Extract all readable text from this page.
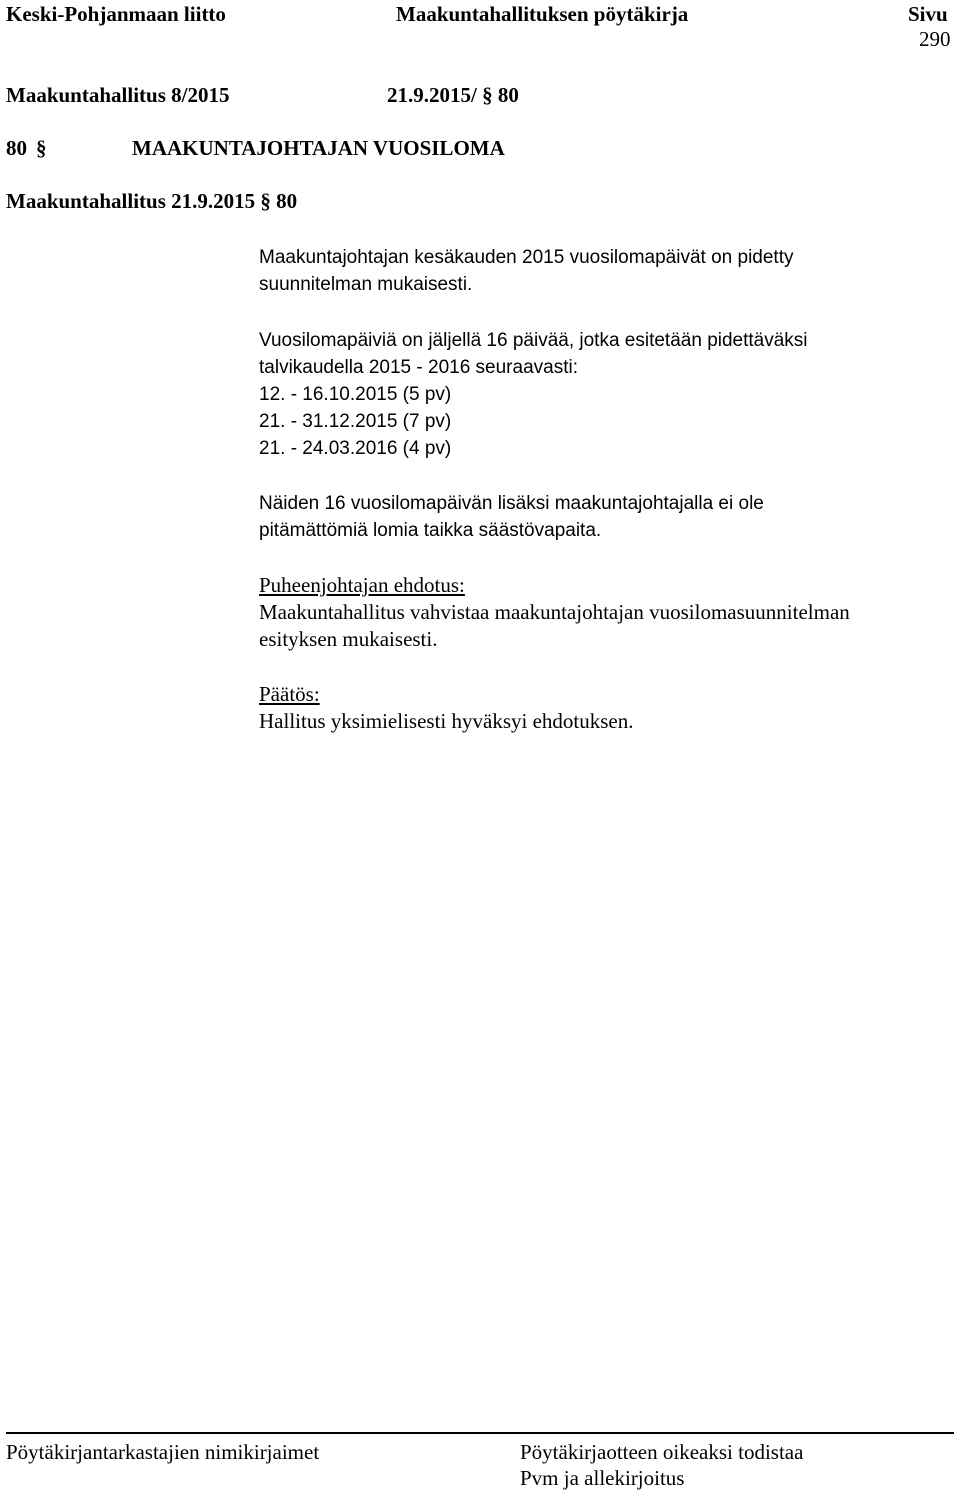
Keski-Pohjanmaan liitto	Maakuntahallituksen pöytäkirja	Sivu
290
Maakuntahallitus 8/2015	21.9.2015/ § 80
80 §	MAAKUNTAJOHTAJAN VUOSILOMA
Maakuntahallitus 21.9.2015 § 80
Maakuntajohtajan kesäkauden 2015 vuosilomapäivät on pidetty
suunnitelman mukaisesti.
Vuosilomapäiviä on jäljellä 16 päivää, jotka esitetään pidettäväksi
talvikaudella 2015 - 2016 seuraavasti:
12. - 16.10.2015 (5 pv)
21. - 31.12.2015 (7 pv)
21. - 24.03.2016 (4 pv)
Näiden 16 vuosilomapäivän lisäksi maakuntajohtajalla ei ole
pitämättömiä lomia taikka säästövapaita.
Puheenjohtajan ehdotus:
Maakuntahallitus vahvistaa maakuntajohtajan vuosilomasuunnitelman
esityksen mukaisesti.
Päätös:
Hallitus yksimielisesti hyväksyi ehdotuksen.
Pöytäkirjantarkastajien nimikirjaimet	Pöytäkirjaotteen oikeaksi todistaa
Pvm ja allekirjoitus
